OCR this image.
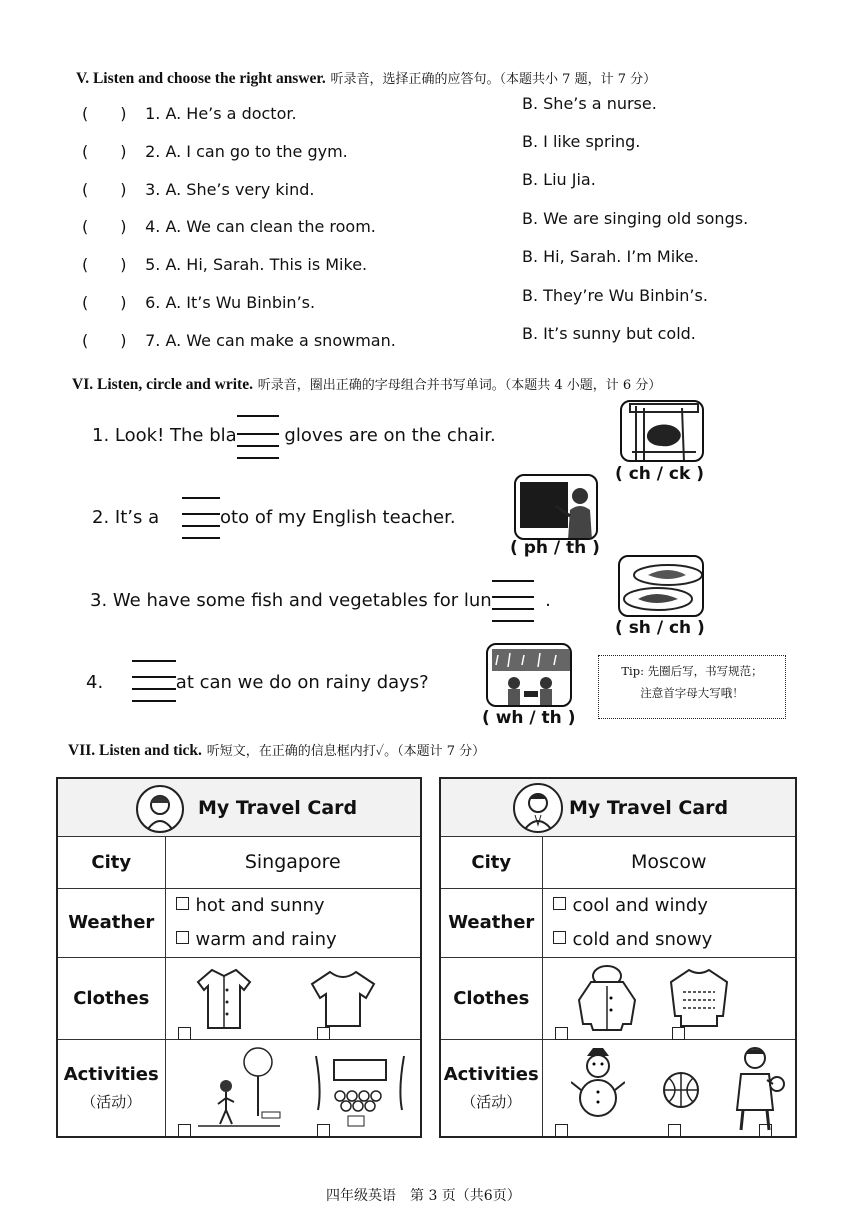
V. Listen and choose the right answer. 听录音，选择正确的应答句。（本题共小 7 题，计 7 分）
(　　) 1. A. He’s a doctor.
B. She’s a nurse.
(　　) 2. A. I can go to the gym.
B. I like spring.
(　　) 3. A. She’s very kind.
B. Liu Jia.
(　　) 4. A. We can clean the room.	B. We are singing old songs.
(　　) 5. A. Hi, Sarah. This is Mike.	B. Hi, Sarah. I’m Mike.
(　　) 6. A. It’s Wu Binbin’s.	B. They’re Wu Binbin’s.
(　　) 7. A. We can make a snowman.	B. It’s sunny but cold.
VI. Listen, circle and write. 听录音，圈出正确的字母组合并书写单词。（本题共 4 小题，计 6 分）
1. Look! The bla	gloves are on the chair.
( ch / ck )
2. It’s a	oto of my English teacher.
( ph / th )
3. We have some fish and vegetables for lun	.
( sh / ch )
4.	at can we do on rainy days?
( wh / th )
Tip: 先圈后写，书写规范；
注意首字母大写哦！
VII. Listen and tick. 听短文，在正确的信息框内打✓。（本题计 7 分）
My Travel Card	

City	Singapore
Weather	hot and sunny
warm and rainy

Clothes	

Activities
（活动）

My Travel Card	

City	Moscow
Weather	cool and windy
cold and snowy

Clothes	

Activities
（活动）

四年级英语　第 3 页（共6页）
